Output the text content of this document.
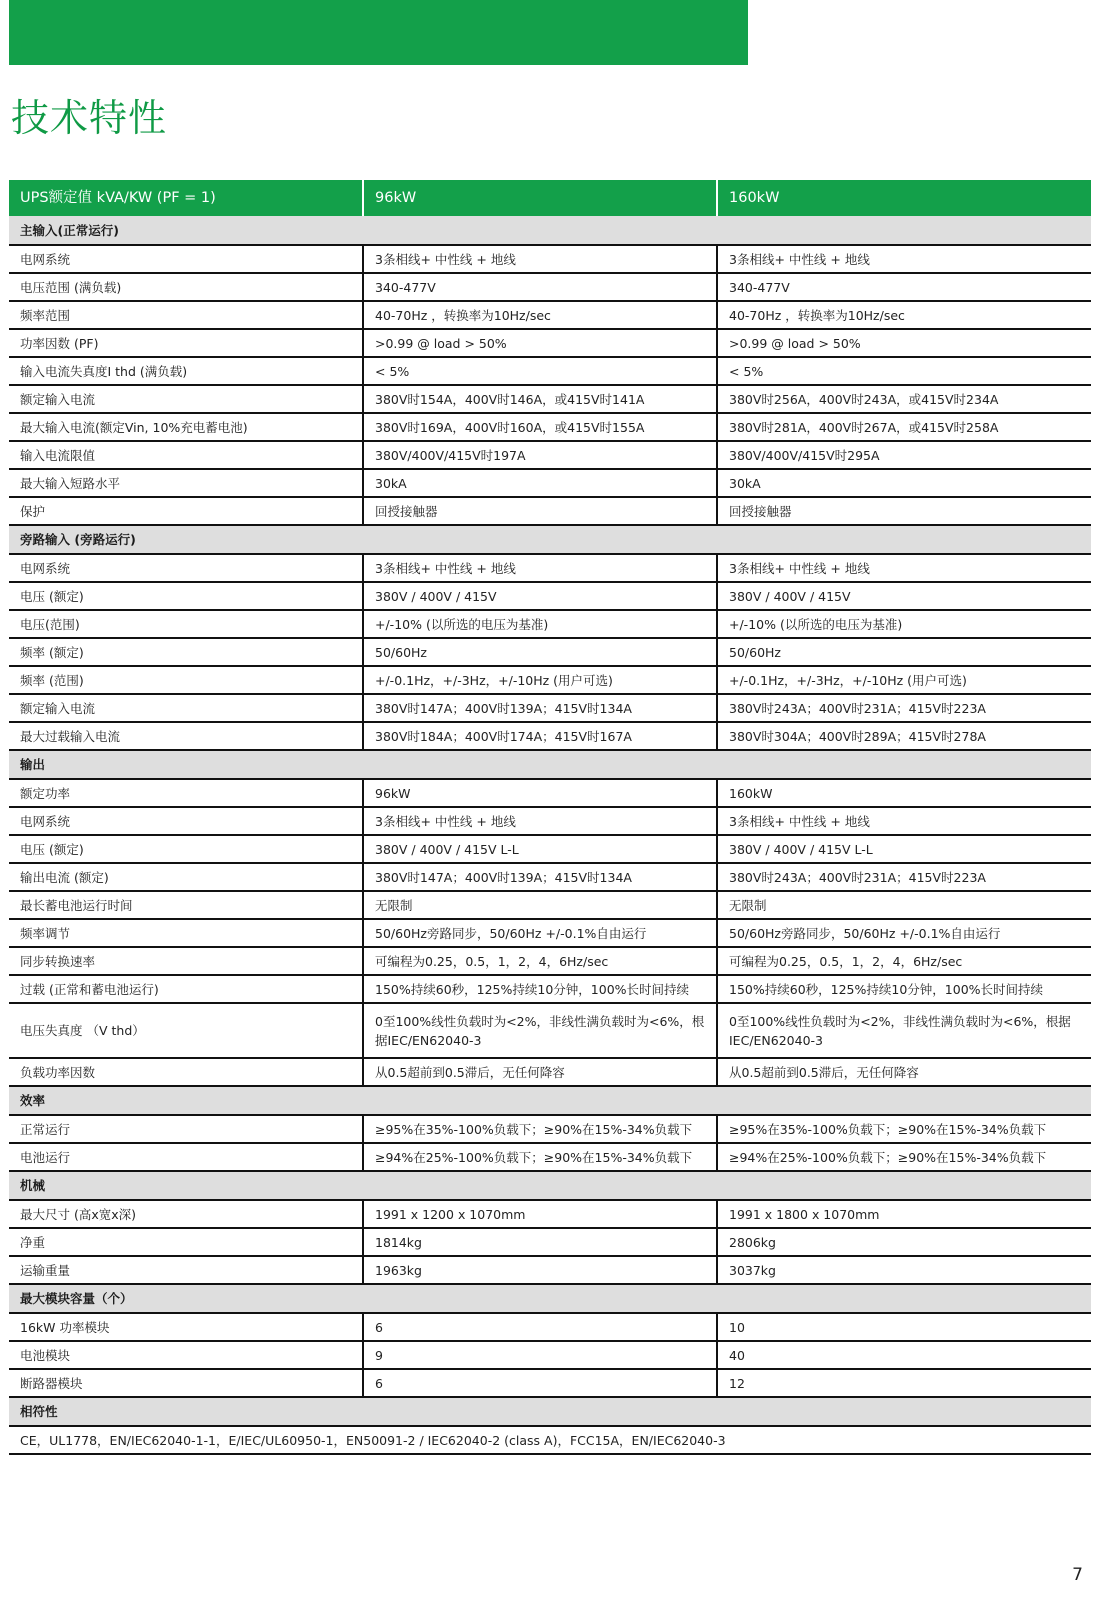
技术特性
UPS额定值 kVA/KW (PF = 1)	96kW	160kW
主输入(正常运行)		
电网系统	3条相线+ 中性线 + 地线	3条相线+ 中性线 + 地线
电压范围 (满负载)	340-477V	340-477V
频率范围	40-70Hz ，转换率为10Hz/sec	40-70Hz ，转换率为10Hz/sec
功率因数 (PF)	>0.99 @ load > 50%	>0.99 @ load > 50%
输入电流失真度I thd (满负载)	< 5%	< 5%
额定输入电流	380V时154A，400V时146A，或415V时141A	380V时256A，400V时243A，或415V时234A
最大输入电流(额定Vin, 10%充电蓄电池)	380V时169A，400V时160A，或415V时155A	380V时281A，400V时267A，或415V时258A
输入电流限值	380V/400V/415V时197A	380V/400V/415V时295A
最大输入短路水平	30kA	30kA
保护	回授接触器	回授接触器
旁路输入 (旁路运行)		
电网系统	3条相线+ 中性线 + 地线	3条相线+ 中性线 + 地线
电压 (额定)	380V / 400V / 415V	380V / 400V / 415V
电压(范围)	+/-10% (以所选的电压为基准)	+/-10% (以所选的电压为基准)
频率 (额定)	50/60Hz	50/60Hz
频率 (范围)	+/-0.1Hz，+/-3Hz，+/-10Hz (用户可选)	+/-0.1Hz，+/-3Hz，+/-10Hz (用户可选)
额定输入电流	380V时147A；400V时139A；415V时134A	380V时243A；400V时231A；415V时223A
最大过载输入电流	380V时184A；400V时174A；415V时167A	380V时304A；400V时289A；415V时278A
输出		
额定功率	96kW	160kW
电网系统	3条相线+ 中性线 + 地线	3条相线+ 中性线 + 地线
电压 (额定)	380V / 400V / 415V L-L	380V / 400V / 415V L-L
输出电流 (额定)	380V时147A；400V时139A；415V时134A	380V时243A；400V时231A；415V时223A
最长蓄电池运行时间	无限制	无限制
频率调节	50/60Hz旁路同步，50/60Hz +/-0.1%自由运行	50/60Hz旁路同步，50/60Hz +/-0.1%自由运行
同步转换速率	可编程为0.25，0.5，1，2，4，6Hz/sec	可编程为0.25，0.5，1，2，4，6Hz/sec
过载 (正常和蓄电池运行)	150%持续60秒，125%持续10分钟，100%长时间持续	150%持续60秒，125%持续10分钟，100%长时间持续
电压失真度 （V thd）	0至100%线性负载时为<2%，非线性满负载时为<6%，根据IEC/EN62040-3	0至100%线性负载时为<2%，非线性满负载时为<6%，根据IEC/EN62040-3
负载功率因数	从0.5超前到0.5滞后，无任何降容	从0.5超前到0.5滞后，无任何降容
效率		
正常运行	≥95%在35%-100%负载下；≥90%在15%-34%负载下	≥95%在35%-100%负载下；≥90%在15%-34%负载下
电池运行	≥94%在25%-100%负载下；≥90%在15%-34%负载下	≥94%在25%-100%负载下；≥90%在15%-34%负载下
机械		
最大尺寸 (高x宽x深)	1991 x 1200 x 1070mm	1991 x 1800 x 1070mm
净重	1814kg	2806kg
运输重量	1963kg	3037kg
最大模块容量（个）		
16kW 功率模块	6	10
电池模块	9	40
断路器模块	6	12
相符性		
CE，UL1778，EN/IEC62040-1-1，E/IEC/UL60950-1，EN50091-2 / IEC62040-2 (class A)，FCC15A，EN/IEC62040-3		
7
